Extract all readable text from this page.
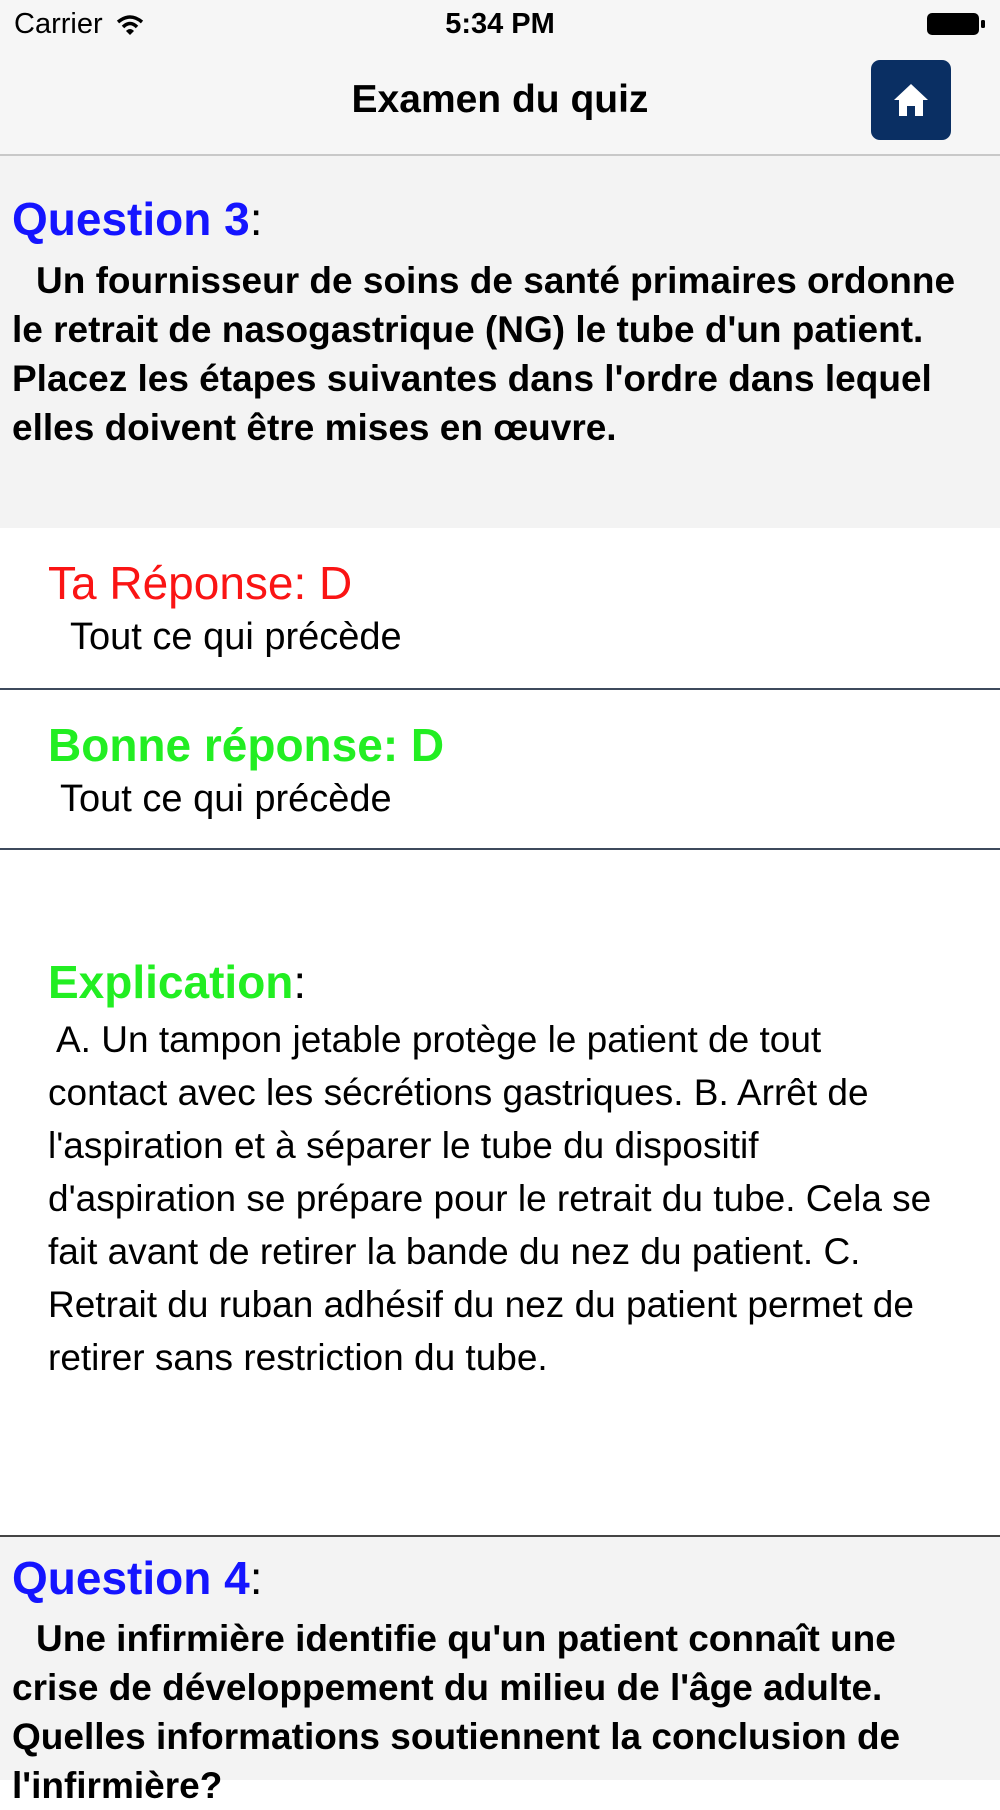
Carrier	5:34 PM
Examen du quiz
Question 3:
Un fournisseur de soins de santé primaires ordonne le retrait de nasogastrique (NG) le tube d'un patient. Placez les étapes suivantes dans l'ordre dans lequel elles doivent être mises en œuvre.
Ta Réponse: D
Tout ce qui précède
Bonne réponse: D
Tout ce qui précède
Explication:
A. Un tampon jetable protège le patient de tout contact avec les sécrétions gastriques. B. Arrêt de l'aspiration et à séparer le tube du dispositif d'aspiration se prépare pour le retrait du tube. Cela se fait avant de retirer la bande du nez du patient. C. Retrait du ruban adhésif du nez du patient permet de retirer sans restriction du tube.
Question 4:
Une infirmière identifie qu'un patient connaît une crise de développement du milieu de l'âge adulte. Quelles informations soutiennent la conclusion de l'infirmière?
